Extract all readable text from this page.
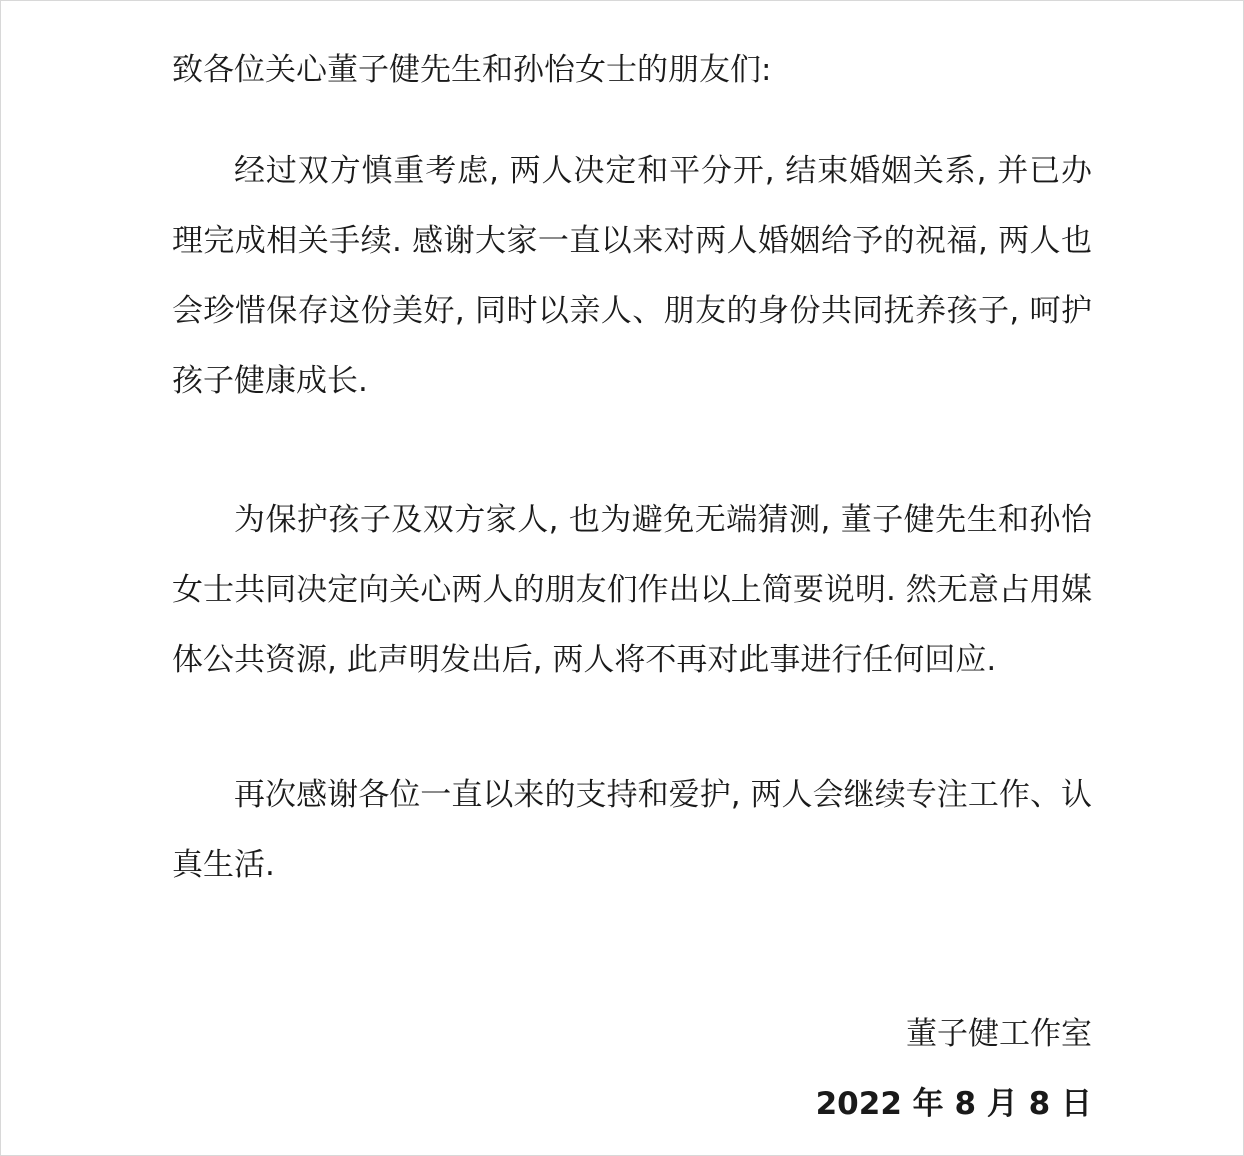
致各位关心董子健先生和孙怡女士的朋友们:

经过双方慎重考虑, 两人决定和平分开, 结束婚姻关系, 并已办理完成相关手续. 感谢大家一直以来对两人婚姻给予的祝福, 两人也会珍惜保存这份美好, 同时以亲人、朋友的身份共同抚养孩子, 呵护孩子健康成长.

为保护孩子及双方家人, 也为避免无端猜测, 董子健先生和孙怡女士共同决定向关心两人的朋友们作出以上简要说明. 然无意占用媒体公共资源, 此声明发出后, 两人将不再对此事进行任何回应.

再次感谢各位一直以来的支持和爱护, 两人会继续专注工作、认真生活.

董子健工作室
2022 年 8 月 8 日
